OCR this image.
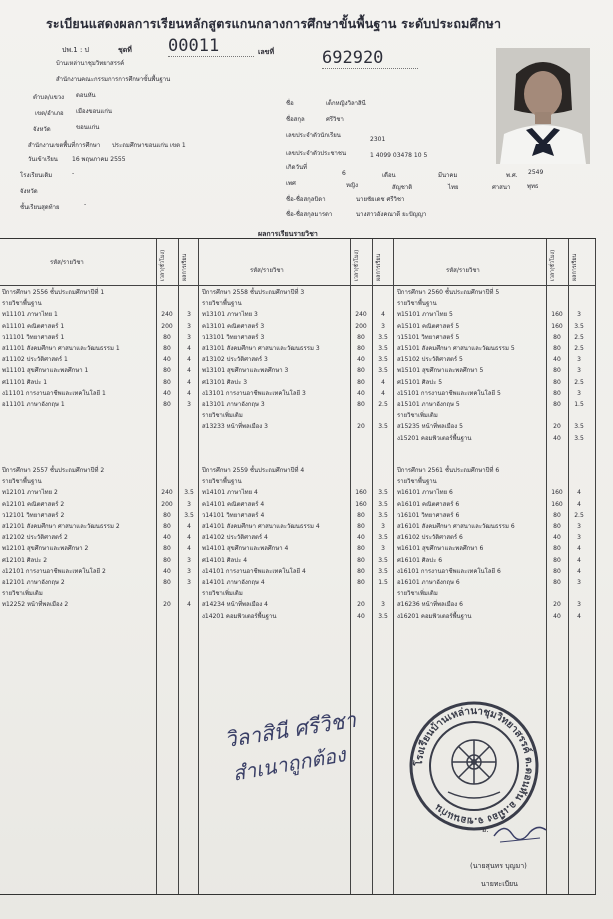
ระเบียนแสดงผลการเรียนหลักสูตรแกนกลางการศึกษาขั้นพื้นฐาน ระดับประถมศึกษา
ปพ.1 : ป	ชุดที่ 00011	เลขที่	692920
บ้านเหล่านาชุมวิทยาสรรค์
สำนักงานคณะกรรมการการศึกษาขั้นพื้นฐาน
ตำบล/แขวง ดอนหัน
เขต/อำเภอ เมืองขอนแก่น
จังหวัด	ขอนแก่น
สำนักงานเขตพื้นที่การศึกษา ประถมศึกษาขอนแก่น เขต 1
วันเข้าเรียน 16 พฤษภาคม 2555
โรงเรียนเดิม	-
จังหวัด
ชั้นเรียนสุดท้าย	-
ชื่อ	เด็กหญิงวิลาสินี
ชื่อสกุล	ศรีวิชา
เลขประจำตัวนักเรียน
2301
เลขประจำตัวประชาชน	1 4099 03478 10 5
เกิดวันที่
6	เดือน	มีนาคม	พ.ศ. 2549
เพศ	หญิง	สัญชาติ	ไทย	ศาสนา	พุทธ
ชื่อ-ชื่อสกุลบิดา	นายชัยเดช ศรีวิชา
ชื่อ-ชื่อสกุลมารดา	นางสาวอังคณาดี ยะปัญญา
ผลการเรียนรายวิชา
รหัส/รายวิชา	เวลา(ชั่วโมง)	ผลการเรียน	รหัส/รายวิชา	เวลา(ชั่วโมง)	ผลการเรียน	รหัส/รายวิชา	เวลา(ชั่วโมง)	ผลการเรียน
ปีการศึกษา 2556 ชั้นประถมศึกษาปีที่ 1
รายวิชาพื้นฐาน
ท11101 ภาษาไทย 1	240	3
ค11101 คณิตศาสตร์ 1	200	3
ว11101 วิทยาศาสตร์ 1	80	3
ส11101 สังคมศึกษา ศาสนาและวัฒนธรรม 1	80	4
ส11102 ประวัติศาสตร์ 1	40	4
พ11101 สุขศึกษาและพลศึกษา 1	80	4
ศ11101 ศิลปะ 1	80	4
ง11101 การงานอาชีพและเทคโนโลยี 1	40	4
อ11101 ภาษาอังกฤษ 1	80	3
ปีการศึกษา 2557 ชั้นประถมศึกษาปีที่ 2
รายวิชาพื้นฐาน
ท12101 ภาษาไทย 2	240	3.5
ค12101 คณิตศาสตร์ 2	200	3
ว12101 วิทยาศาสตร์ 2	80	3.5
ส12101 สังคมศึกษา ศาสนาและวัฒนธรรม 2	80	4
ส12102 ประวัติศาสตร์ 2	40	4
พ12101 สุขศึกษาและพลศึกษา 2	80	4
ศ12101 ศิลปะ 2	80	3
ง12101 การงานอาชีพและเทคโนโลยี 2	40	3
อ12101 ภาษาอังกฤษ 2	80	3
รายวิชาเพิ่มเติม
ท12252 หน้าที่พลเมือง 2	20	4
ปีการศึกษา 2558 ชั้นประถมศึกษาปีที่ 3
รายวิชาพื้นฐาน
ท13101 ภาษาไทย 3	240	4
ค13101 คณิตศาสตร์ 3	200	3
ว13101 วิทยาศาสตร์ 3	80	3.5
ส13101 สังคมศึกษา ศาสนาและวัฒนธรรม 3	80	3.5
ส13102 ประวัติศาสตร์ 3	40	3.5
พ13101 สุขศึกษาและพลศึกษา 3	80	3.5
ศ13101 ศิลปะ 3	80	4
ง13101 การงานอาชีพและเทคโนโลยี 3	40	4
อ13101 ภาษาอังกฤษ 3	80	2.5
รายวิชาเพิ่มเติม
ส13233 หน้าที่พลเมือง 3	20	3.5
ปีการศึกษา 2559 ชั้นประถมศึกษาปีที่ 4
รายวิชาพื้นฐาน
ท14101 ภาษาไทย 4	160	3.5
ค14101 คณิตศาสตร์ 4	160	3.5
ว14101 วิทยาศาสตร์ 4	80	3.5
ส14101 สังคมศึกษา ศาสนาและวัฒนธรรม 4	80	3
ส14102 ประวัติศาสตร์ 4	40	3.5
พ14101 สุขศึกษาและพลศึกษา 4	80	3
ศ14101 ศิลปะ 4	80	3.5
ง14101 การงานอาชีพและเทคโนโลยี 4	80	3.5
อ14101 ภาษาอังกฤษ 4	80	1.5
รายวิชาเพิ่มเติม
ส14234 หน้าที่พลเมือง 4	20	3
ง14201 คอมพิวเตอร์พื้นฐาน	40	3.5
ปีการศึกษา 2560 ชั้นประถมศึกษาปีที่ 5
รายวิชาพื้นฐาน
ท15101 ภาษาไทย 5	160	3
ค15101 คณิตศาสตร์ 5	160	3.5
ว15101 วิทยาศาสตร์ 5	80	2.5
ส15101 สังคมศึกษา ศาสนาและวัฒนธรรม 5	80	2.5
ส15102 ประวัติศาสตร์ 5	40	3
พ15101 สุขศึกษาและพลศึกษา 5	80	3
ศ15101 ศิลปะ 5	80	2.5
ง15101 การงานอาชีพและเทคโนโลยี 5	80	3
อ15101 ภาษาอังกฤษ 5	80	1.5
รายวิชาเพิ่มเติม
ส15235 หน้าที่พลเมือง 5	20	3.5
ง15201 คอมพิวเตอร์พื้นฐาน	40	3.5
ปีการศึกษา 2561 ชั้นประถมศึกษาปีที่ 6
รายวิชาพื้นฐาน
ท16101 ภาษาไทย 6	160	4
ค16101 คณิตศาสตร์ 6	160	4
ว16101 วิทยาศาสตร์ 6	80	2.5
ส16101 สังคมศึกษา ศาสนาและวัฒนธรรม 6	80	3
ส16102 ประวัติศาสตร์ 6	40	3
พ16101 สุขศึกษาและพลศึกษา 6	80	4
ศ16101 ศิลปะ 6	80	4
ง16101 การงานอาชีพและเทคโนโลยี 6	80	4
อ16101 ภาษาอังกฤษ 6	80	3
รายวิชาเพิ่มเติม
ส16236 หน้าที่พลเมือง 6	20	3
ง16201 คอมพิวเตอร์พื้นฐาน	40	4
วิลาสินี ศรีวิชา
สำเนาถูกต้อง	โรงเรียนบ้านเหล่านาชุมวิทยาสรรค์ ต.ดอนหัน อ.เมือง จ.ขอนแก่น
อ.
(นายสุนทร บุญมา)
นายทะเบียน
